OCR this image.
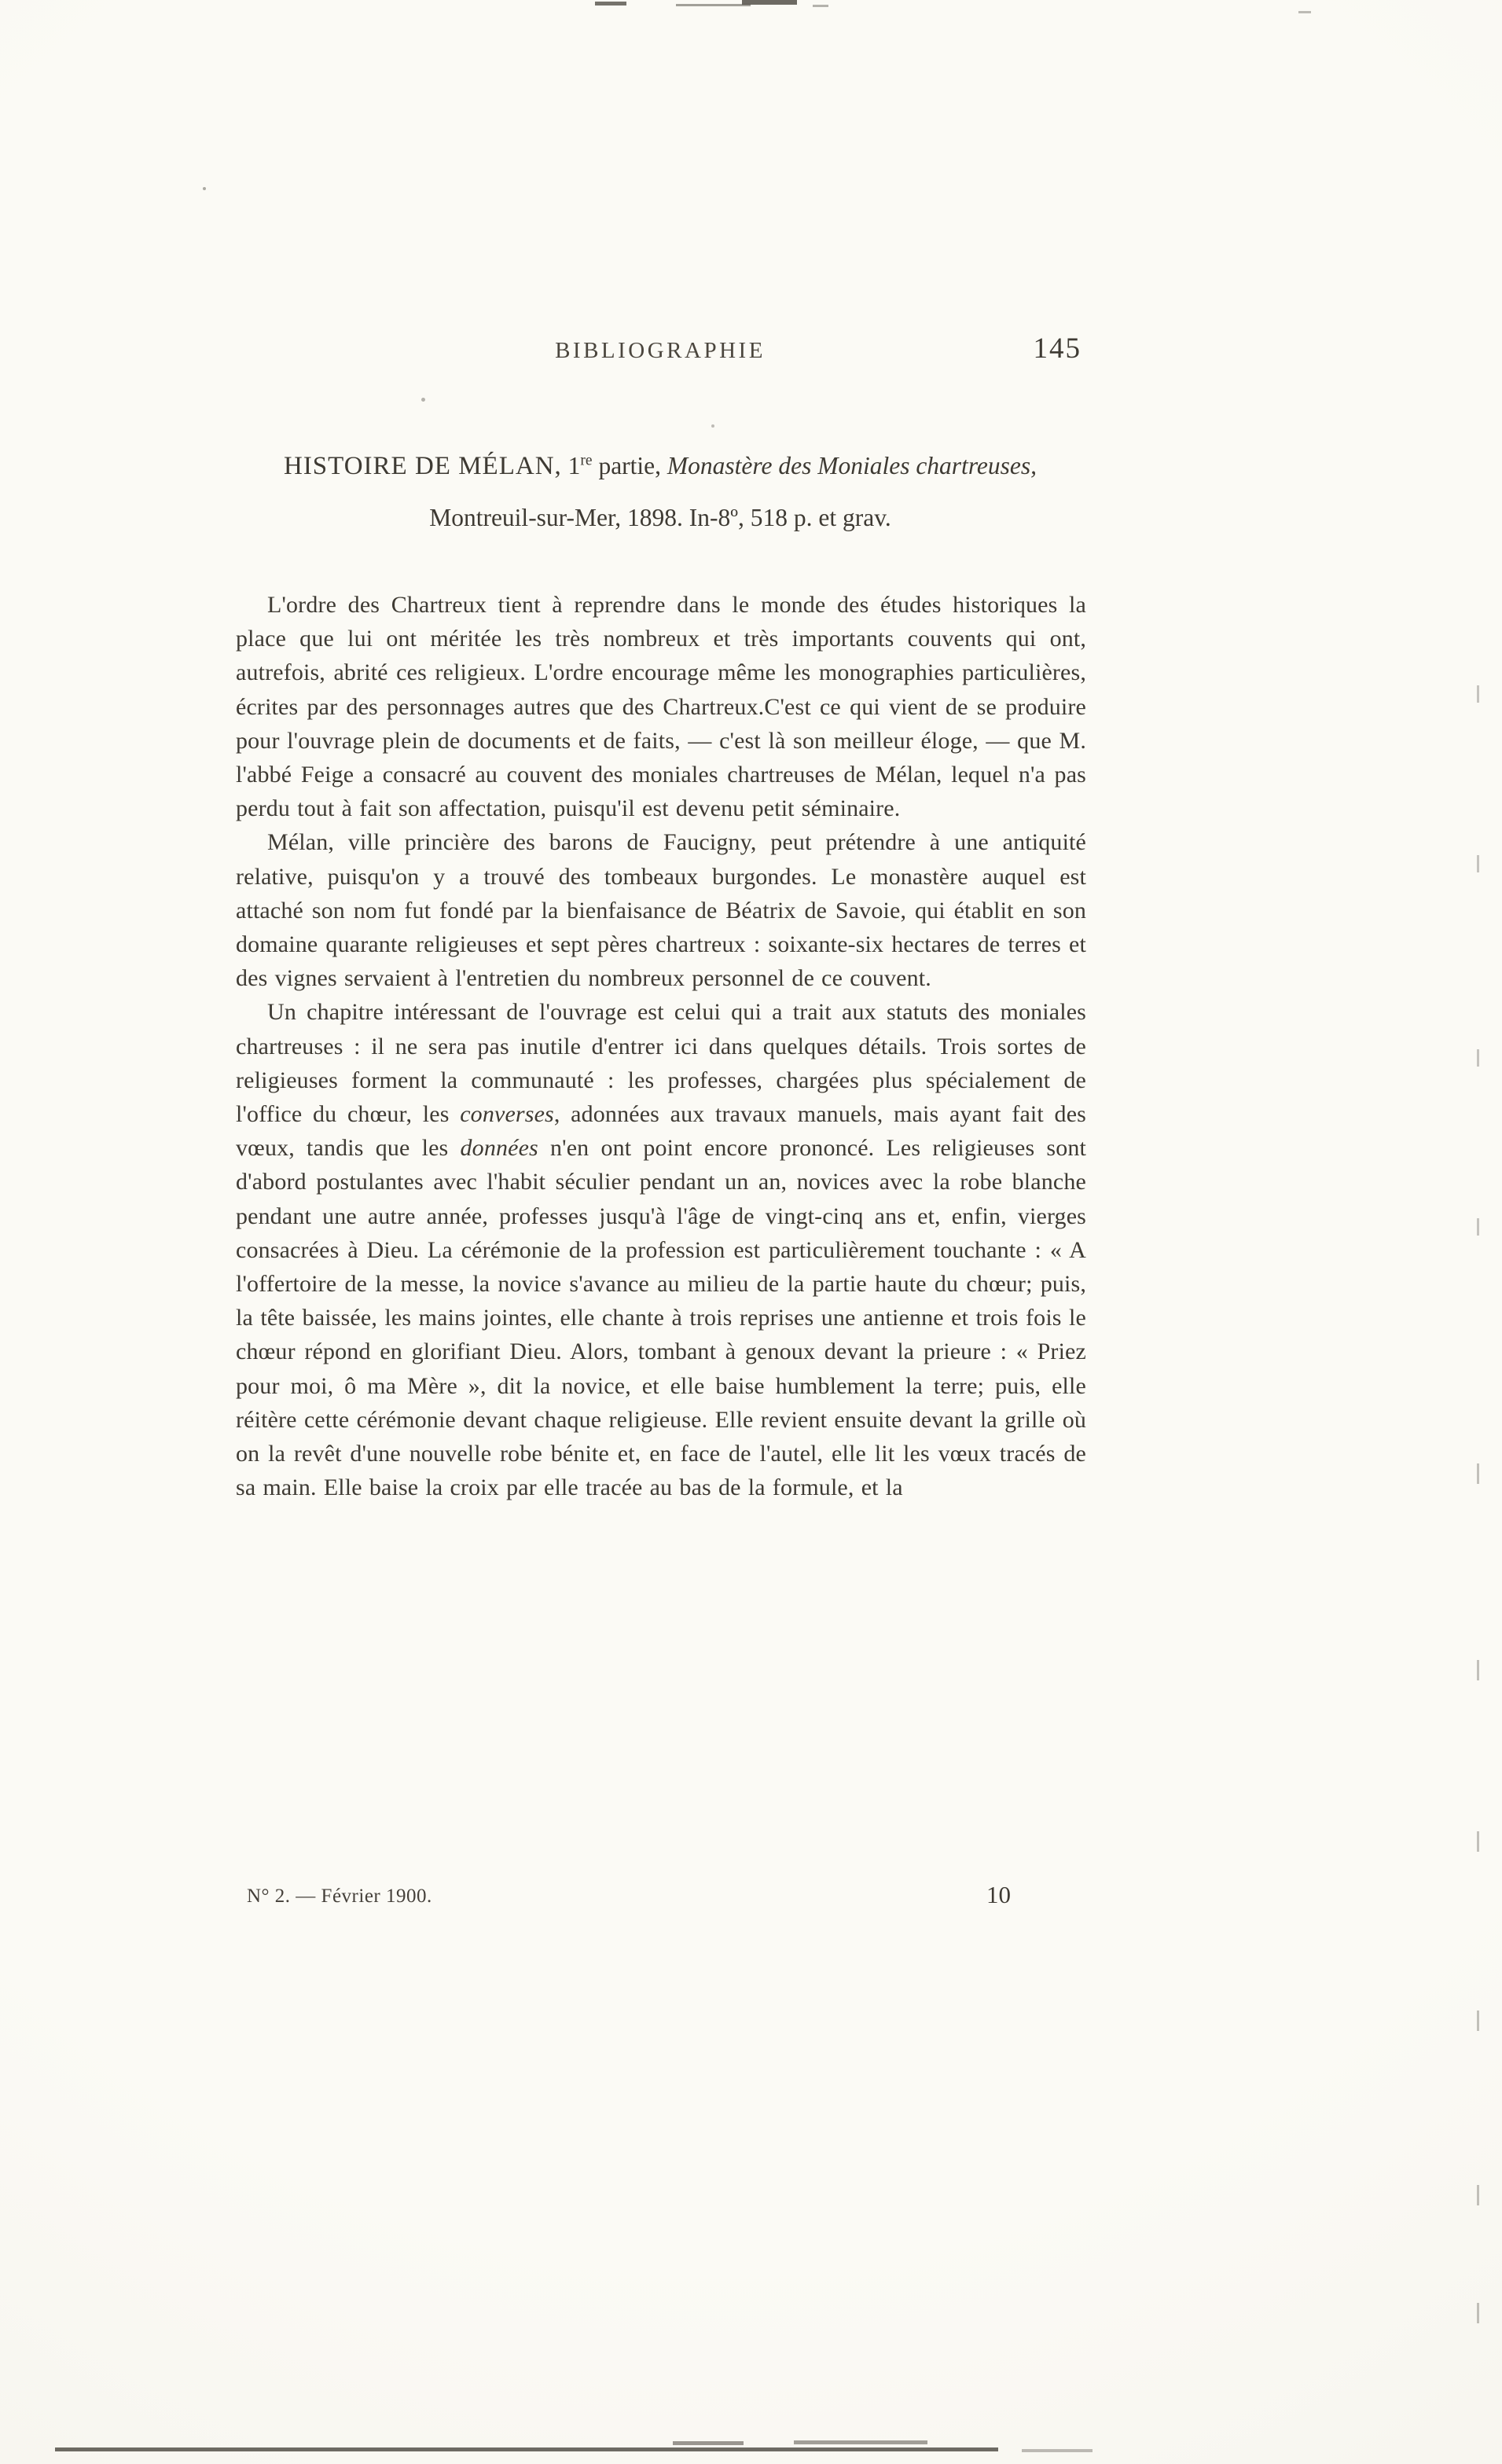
BIBLIOGRAPHIE	145
HISTOIRE DE MÉLAN, 1re partie, Monastère des Moniales chartreuses,
Montreuil-sur-Mer, 1898. In-8º, 518 p. et grav.

L'ordre des Chartreux tient à reprendre dans le monde des études historiques la place que lui ont méritée les très nombreux et très importants couvents qui ont, autrefois, abrité ces religieux. L'ordre encourage même les monographies particulières, écrites par des personnages autres que des Chartreux.C'est ce qui vient de se produire pour l'ouvrage plein de documents et de faits, — c'est là son meilleur éloge, — que M. l'abbé Feige a consacré au couvent des moniales chartreuses de Mélan, lequel n'a pas perdu tout à fait son affectation, puisqu'il est devenu petit séminaire.

Mélan, ville princière des barons de Faucigny, peut prétendre à une antiquité relative, puisqu'on y a trouvé des tombeaux burgondes. Le monastère auquel est attaché son nom fut fondé par la bienfaisance de Béatrix de Savoie, qui établit en son domaine quarante religieuses et sept pères chartreux : soixante-six hectares de terres et des vignes servaient à l'entretien du nombreux personnel de ce couvent.

Un chapitre intéressant de l'ouvrage est celui qui a trait aux statuts des moniales chartreuses : il ne sera pas inutile d'entrer ici dans quelques détails. Trois sortes de religieuses forment la communauté : les professes, chargées plus spécialement de l'office du chœur, les converses, adonnées aux travaux manuels, mais ayant fait des vœux, tandis que les données n'en ont point encore prononcé. Les religieuses sont d'abord postulantes avec l'habit séculier pendant un an, novices avec la robe blanche pendant une autre année, professes jusqu'à l'âge de vingt-cinq ans et, enfin, vierges consacrées à Dieu. La cérémonie de la profession est particulièrement touchante : « A l'offertoire de la messe, la novice s'avance au milieu de la partie haute du chœur; puis, la tête baissée, les mains jointes, elle chante à trois reprises une antienne et trois fois le chœur répond en glorifiant Dieu. Alors, tombant à genoux devant la prieure : « Priez pour moi, ô ma Mère », dit la novice, et elle baise humblement la terre; puis, elle réitère cette cérémonie devant chaque religieuse. Elle revient ensuite devant la grille où on la revêt d'une nouvelle robe bénite et, en face de l'autel, elle lit les vœux tracés de sa main. Elle baise la croix par elle tracée au bas de la formule, et la

N° 2. — Février 1900.	10
